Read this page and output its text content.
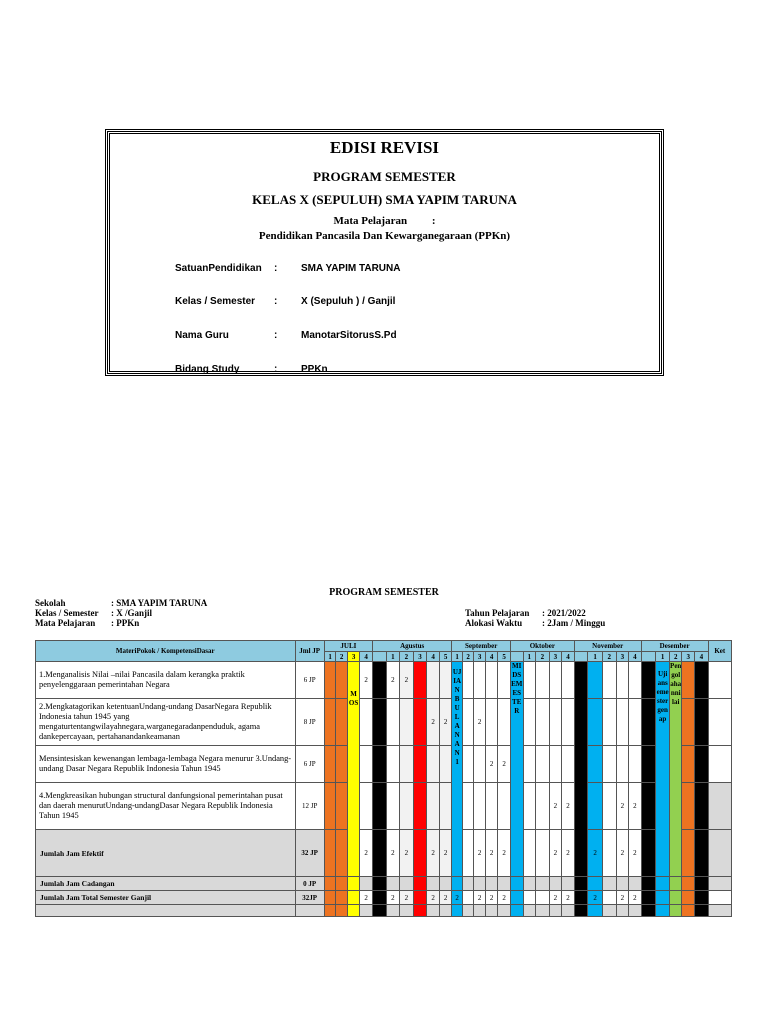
EDISI REVISI
PROGRAM SEMESTER
KELAS X (SEPULUH) SMA YAPIM TARUNA
Mata Pelajaran :
Pendidikan Pancasila Dan Kewarganegaraan (PPKn)
SatuanPendidikan : SMA YAPIM TARUNA
Kelas / Semester : X (Sepuluh ) / Ganjil
Nama Guru	: ManotarSitorusS.Pd
Bidang Study	: PPKn
PROGRAM SEMESTER
Sekolah	: SMA YAPIM TARUNA
Kelas / Semester : X /Ganjil
Mata Pelajaran : PPKn
Tahun Pelajaran : 2021/2022
Alokasi Waktu : 2Jam / Minggu
MateriPokok / KompetensiDasar	Jml JP	JULI				Agustus						September					Oktober					November					Desember					Ket
		1	2	3	4		1	2	3	4	5	1	2	3	4	5		1	2	3	4		1	2	3	4		1	2	3	4	
1.Menganalisis Nilai –nilai Pancasila dalam kerangka praktik penyelenggaraan pemerintahan Negara	6 JP			MOS	2		2	2				UJIAN BULANAN 1					MIDSEMESTER					UJIANBULANAN 2						Ujiansemestergenap	Pengolahannilai			

2.Mengkatagorikan ketentuanUndang-undang DasarNegara Republik Indonesia tahun 1945 yang mengaturtentangwilayahnegara,warganegaradanpenduduk, agama dankepercayaan, pertahanandankeamanan	8 JP									2	2			2																		
Mensintesiskan kewenangan lembaga-lembaga Negara menurur 3.Undang-undang Dasar Negara Republik Indonesia Tahun 1945	6 JP														2	2																
4.Mengkreasikan hubungan structural danfungsional pemerintahan pusat dan daerah menurutUndang-undangDasar Negara Republik Indonesia Tahun 1945	12 JP																			2	2				2	2						
Jumlah Jam Efektif	32 JP				2		2	2		2	2			2	2	2				2	2		2		2	2						
Jumlah Jam Cadangan	0 JP																															
Jumlah Jam Total Semester Ganjil	32JP				2		2	2		2	2	2		2	2	2				2	2		2		2	2						
